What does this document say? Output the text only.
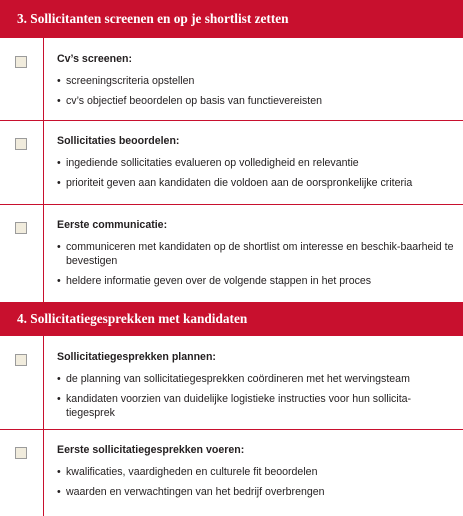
3. Sollicitanten screenen en op je shortlist zetten
Cv’s screenen:
• screeningscriteria opstellen
• cv’s objectief beoordelen op basis van functievereisten
Sollicitaties beoordelen:
• ingediende sollicitaties evalueren op volledigheid en relevantie
• prioriteit geven aan kandidaten die voldoen aan de oorspronkelijke criteria
Eerste communicatie:
• communiceren met kandidaten op de shortlist om interesse en beschik-baarheid te bevestigen
• heldere informatie geven over de volgende stappen in het proces
4. Sollicitatiegesprekken met kandidaten
Sollicitatiegesprekken plannen:
• de planning van sollicitatiegesprekken coördineren met het wervingsteam
• kandidaten voorzien van duidelijke logistieke instructies voor hun sollicita-tiegesprek
Eerste sollicitatiegesprekken voeren:
• kwalificaties, vaardigheden en culturele fit beoordelen
• waarden en verwachtingen van het bedrijf overbrengen
